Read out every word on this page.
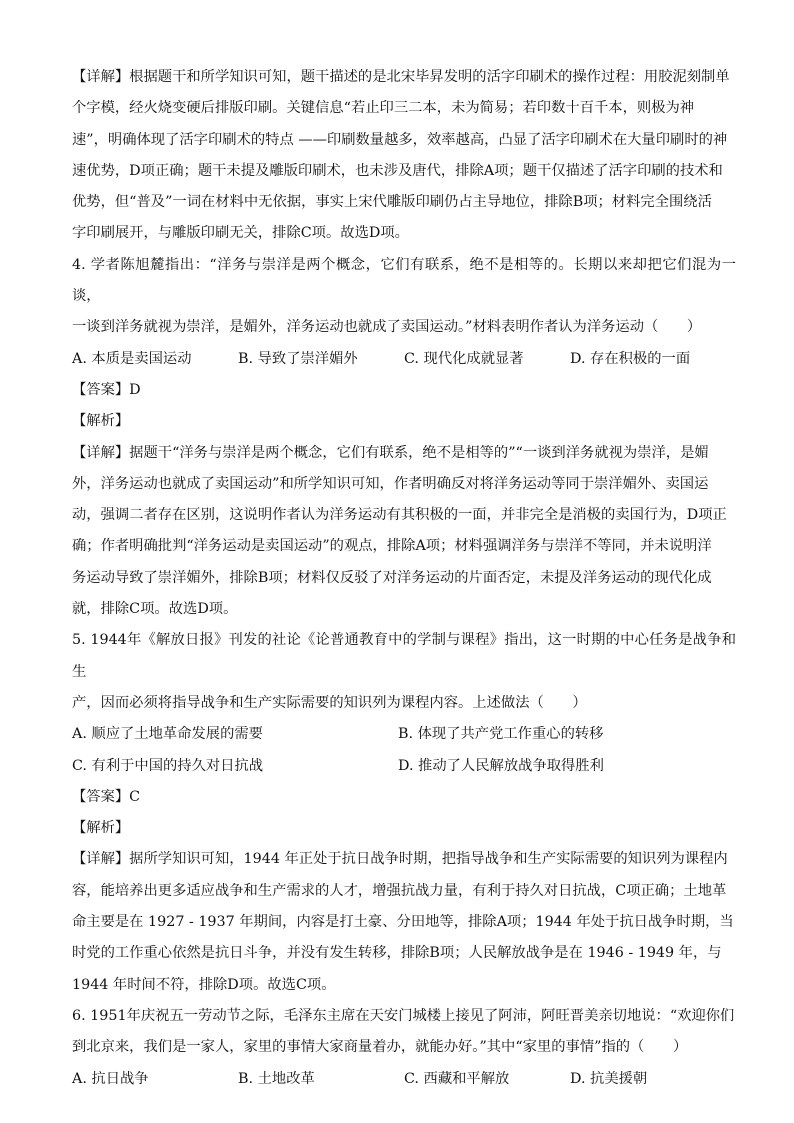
【详解】根据题干和所学知识可知，题干描述的是北宋毕昇发明的活字印刷术的操作过程：用胶泥刻制单

个字模，经火烧变硬后排版印刷。关键信息“若止印三二本，未为简易；若印数十百千本，则极为神

速”，明确体现了活字印刷术的特点 ——印刷数量越多，效率越高，凸显了活字印刷术在大量印刷时的神

速优势，D项正确；题干未提及雕版印刷术，也未涉及唐代，排除A项；题干仅描述了活字印刷的技术和

优势，但“普及”一词在材料中无依据，事实上宋代雕版印刷仍占主导地位，排除B项；材料完全围绕活

字印刷展开，与雕版印刷无关，排除C项。故选D项。

4. 学者陈旭麓指出：“洋务与崇洋是两个概念，它们有联系，绝不是相等的。长期以来却把它们混为一谈，

一谈到洋务就视为崇洋，是媚外，洋务运动也就成了卖国运动。”材料表明作者认为洋务运动（　　）

A. 本质是卖国运动	B. 导致了崇洋媚外	C. 现代化成就显著	D. 存在积极的一面

【答案】D

【解析】

【详解】据题干“洋务与崇洋是两个概念，它们有联系，绝不是相等的”“一谈到洋务就视为崇洋，是媚

外，洋务运动也就成了卖国运动”和所学知识可知，作者明确反对将洋务运动等同于崇洋媚外、卖国运

动，强调二者存在区别，这说明作者认为洋务运动有其积极的一面，并非完全是消极的卖国行为，D项正

确；作者明确批判“洋务运动是卖国运动”的观点，排除A项；材料强调洋务与崇洋不等同，并未说明洋

务运动导致了崇洋媚外，排除B项；材料仅反驳了对洋务运动的片面否定，未提及洋务运动的现代化成

就，排除C项。故选D项。

5. 1944年《解放日报》刊发的社论《论普通教育中的学制与课程》指出，这一时期的中心任务是战争和生

产，因而必须将指导战争和生产实际需要的知识列为课程内容。上述做法（　　）

A. 顺应了土地革命发展的需要	B. 体现了共产党工作重心的转移
C. 有利于中国的持久对日抗战	D. 推动了人民解放战争取得胜利

【答案】C

【解析】

【详解】据所学知识可知，1944 年正处于抗日战争时期，把指导战争和生产实际需要的知识列为课程内

容，能培养出更多适应战争和生产需求的人才，增强抗战力量，有利于持久对日抗战，C项正确；土地革

命主要是在 1927 - 1937 年期间，内容是打土豪、分田地等，排除A项；1944 年处于抗日战争时期，当

时党的工作重心依然是抗日斗争，并没有发生转移，排除B项；人民解放战争是在 1946 - 1949 年，与

1944 年时间不符，排除D项。故选C项。

6. 1951年庆祝五一劳动节之际，毛泽东主席在天安门城楼上接见了阿沛，阿旺晋美亲切地说：“欢迎你们

到北京来，我们是一家人，家里的事情大家商量着办，就能办好。”其中“家里的事情”指的（　　）

A. 抗日战争	B. 土地改革	C. 西藏和平解放	D. 抗美援朝
